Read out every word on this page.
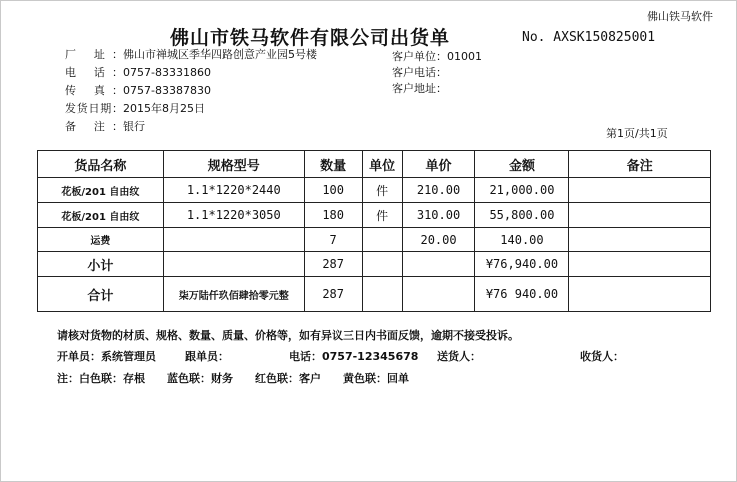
佛山铁马软件
佛山市铁马软件有限公司出货单	No. AXSK150825001
厂 址：佛山市禅城区季华四路创意产业园5号楼
电 话：0757-83331860
传 真：0757-83387830
发货日期：2015年8月25日
备 注：银行
客户单位：01001
客户电话：
客户地址：
第1页/共1页
货品名称	规格型号	数量	单位	单价	金额	备注
花板/201 自由纹	1.1*1220*2440	100	件	210.00	21,000.00	
花板/201 自由纹	1.1*1220*3050	180	件	310.00	55,800.00	
运费		7		20.00	140.00	
小计		287			¥76,940.00	
合计	柒万陆仟玖佰肆拾零元整	287			¥76 940.00	
请核对货物的材质、规格、数量、质量、价格等，如有异议三日内书面反馈，逾期不接受投诉。
开单员：系统管理员	跟单员：	电话：0757-12345678 送货人：	收货人：
注：白色联：存根　　蓝色联：财务　　红色联：客户　　黄色联：回单
